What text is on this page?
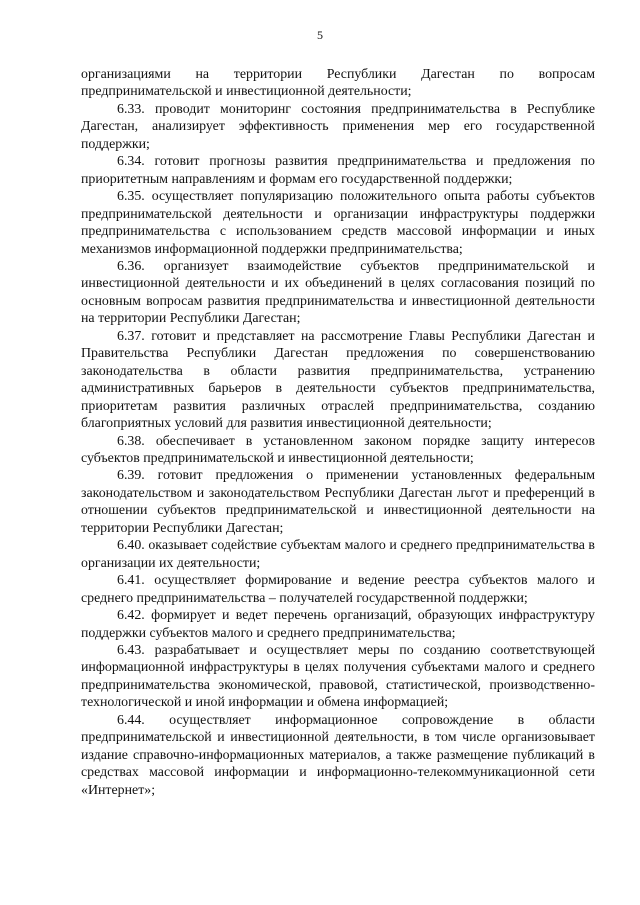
5

организациями на территории Республики Дагестан по вопросам предпринимательской и инвестиционной деятельности;

6.33. проводит мониторинг состояния предпринимательства в Республике Дагестан, анализирует эффективность применения мер его государственной поддержки;

6.34. готовит прогнозы развития предпринимательства и предложения по приоритетным направлениям и формам его государственной поддержки;

6.35. осуществляет популяризацию положительного опыта работы субъектов предпринимательской деятельности и организации инфраструктуры поддержки предпринимательства с использованием средств массовой информации и иных механизмов информационной поддержки предпринимательства;

6.36. организует взаимодействие субъектов предпринимательской и инвестиционной деятельности и их объединений в целях согласования позиций по основным вопросам развития предпринимательства и инвестиционной деятельности на территории Республики Дагестан;

6.37. готовит и представляет на рассмотрение Главы Республики Дагестан и Правительства Республики Дагестан предложения по совершенствованию законодательства в области развития предпринимательства, устранению административных барьеров в деятельности субъектов предпринимательства, приоритетам развития различных отраслей предпринимательства, созданию благоприятных условий для развития инвестиционной деятельности;

6.38. обеспечивает в установленном законом порядке защиту интересов субъектов предпринимательской и инвестиционной деятельности;

6.39. готовит предложения о применении установленных федеральным законодательством и законодательством Республики Дагестан льгот и преференций в отношении субъектов предпринимательской и инвестиционной деятельности на территории Республики Дагестан;

6.40. оказывает содействие субъектам малого и среднего предпринимательства в организации их деятельности;

6.41. осуществляет формирование и ведение реестра субъектов малого и среднего предпринимательства – получателей государственной поддержки;

6.42. формирует и ведет перечень организаций, образующих инфраструктуру поддержки субъектов малого и среднего предпринимательства;

6.43. разрабатывает и осуществляет меры по созданию соответствующей информационной инфраструктуры в целях получения субъектами малого и среднего предпринимательства экономической, правовой, статистической, производственно-технологической и иной информации и обмена информацией;

6.44. осуществляет информационное сопровождение в области предпринимательской и инвестиционной деятельности, в том числе организовывает издание справочно-информационных материалов, а также размещение публикаций в средствах массовой информации и информационно-телекоммуникационной сети «Интернет»;
